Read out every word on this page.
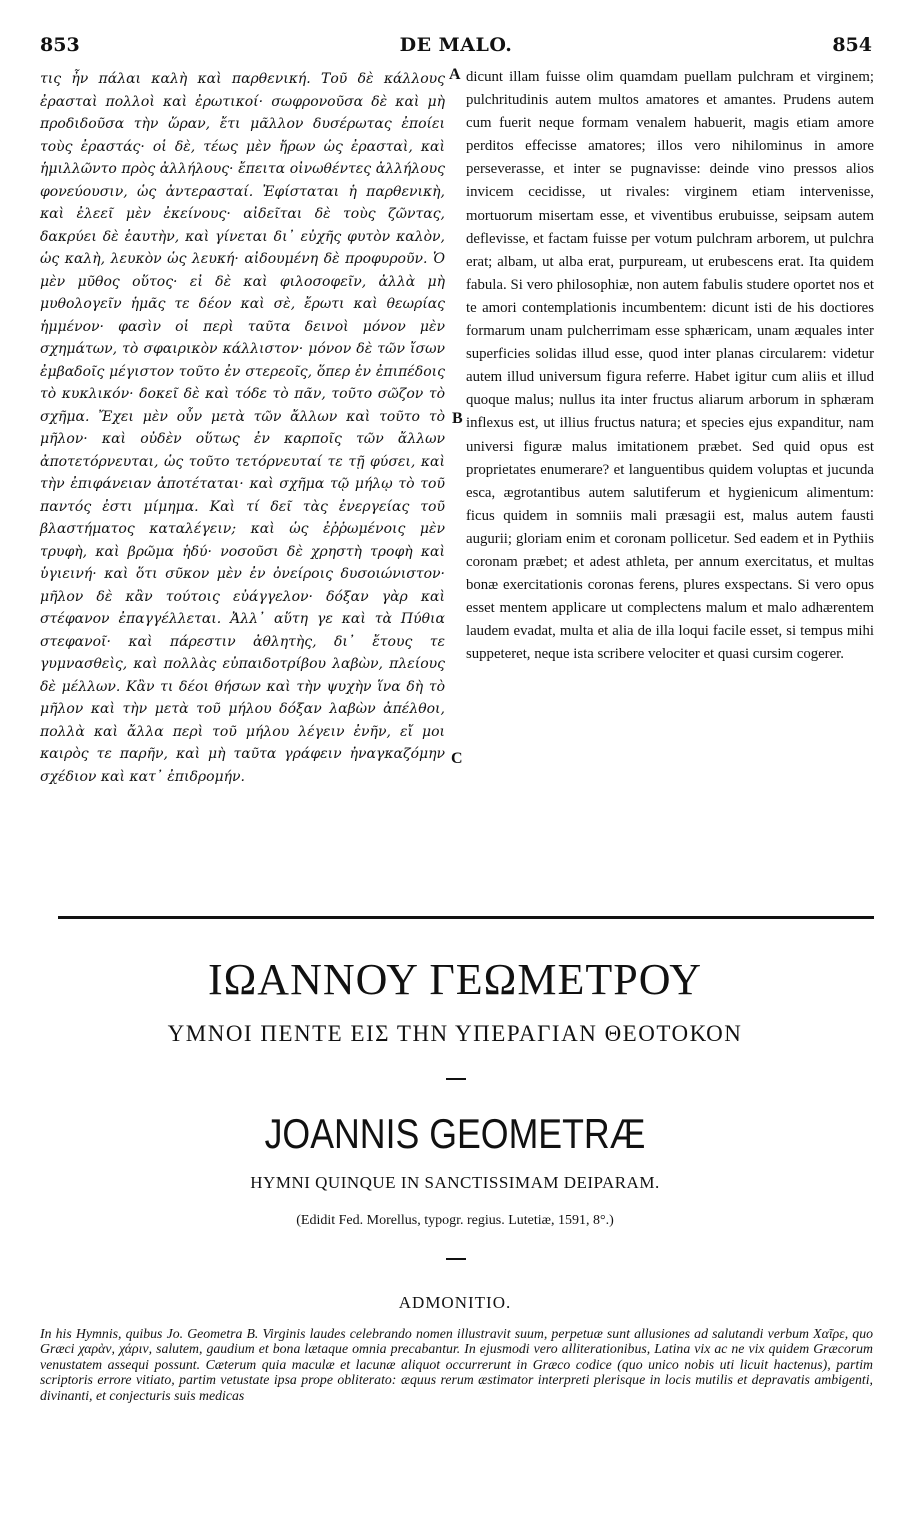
853	DE MALO.	854

τις ἦν πάλαι καλὴ καὶ παρθενική. Τοῦ δὲ κάλλους ἐρασταὶ πολλοὶ καὶ ἐρωτικοί· σωφρονοῦσα δὲ καὶ μὴ προδιδοῦσα τὴν ὥραν, ἔτι μᾶλλον δυσέρωτας ἐποίει τοὺς ἐραστάς· οἱ δὲ, τέως μὲν ἤρων ὡς ἐρασταὶ, καὶ ἡμιλλῶντο πρὸς ἀλλήλους· ἔπειτα οἰνωθέντες ἀλλήλους φονεύουσιν, ὡς ἀντερασταί. Ἐφίσταται ἡ παρθενικὴ, καὶ ἐλεεῖ μὲν ἐκείνους· αἰδεῖται δὲ τοὺς ζῶντας, δακρύει δὲ ἑαυτὴν, καὶ γίνεται δι᾽ εὐχῆς φυτὸν καλὸν, ὡς καλὴ, λευκὸν ὡς λευκή· αἰδουμένη δὲ προφυροῦν. Ὁ μὲν μῦθος οὕτος· εἰ δὲ καὶ φιλοσοφεῖν, ἀλλὰ μὴ μυθολογεῖν ἡμᾶς τε δέον καὶ σὲ, ἔρωτι καὶ θεωρίας ἡμμένον· φασὶν οἱ περὶ ταῦτα δεινοὶ μόνον μὲν σχημάτων, τὸ σφαιρικὸν κάλλιστον· μόνον δὲ τῶν ἴσων ἐμβαδοῖς μέγιστον τοῦτο ἐν στερεοῖς, ὅπερ ἐν ἐπιπέδοις τὸ κυκλικόν· δοκεῖ δὲ καὶ τόδε τὸ πᾶν, τοῦτο σῶζον τὸ σχῆμα. Ἔχει μὲν οὖν μετὰ τῶν ἄλλων καὶ τοῦτο τὸ μῆλον· καὶ οὐδὲν οὕτως ἐν καρποῖς τῶν ἄλλων ἀποτετόρνευται, ὡς τοῦτο τετόρνευταί τε τῇ φύσει, καὶ τὴν ἐπιφάνειαν ἀποτέταται· καὶ σχῆμα τῷ μήλῳ τὸ τοῦ παντός ἐστι μίμημα. Καὶ τί δεῖ τὰς ἐνεργείας τοῦ βλαστήματος καταλέγειν; καὶ ὡς ἐῤῥωμένοις μὲν τρυφὴ, καὶ βρῶμα ἡδύ· νοσοῦσι δὲ χρηστὴ τροφὴ καὶ ὑγιεινή· καὶ ὅτι σῦκον μὲν ἐν ὀνείροις δυσοιώνιστον· μῆλον δὲ κἂν τούτοις εὐάγγελον· δόξαν γὰρ καὶ στέφανον ἐπαγγέλλεται. Ἀλλ᾽ αὕτη γε καὶ τὰ Πύθια στεφανοῖ· καὶ πάρεστιν ἀθλητὴς, δι᾽ ἔτους τε γυμνασθεὶς, καὶ πολλὰς εὐπαιδοτρίβου λαβὼν, πλείους δὲ μέλλων. Κἂν τι δέοι θήσων καὶ τὴν ψυχὴν ἵνα δὴ τὸ μῆλον καὶ τὴν μετὰ τοῦ μήλου δόξαν λαβὼν ἀπέλθοι, πολλὰ καὶ ἄλλα περὶ τοῦ μήλου λέγειν ἐνῆν, εἴ μοι καιρὸς τε παρῆν, καὶ μὴ ταῦτα γράφειν ἠναγκαζόμην σχέδιον καὶ κατ᾽ ἐπιδρομήν.

A
B
C

dicunt illam fuisse olim quamdam puellam pulchram et virginem; pulchritudinis autem multos amatores et amantes. Prudens autem cum fuerit neque formam venalem habuerit, magis etiam amore perditos effecisse amatores; illos vero nihilominus in amore perseverasse, et inter se pugnavisse: deinde vino pressos alios invicem cecidisse, ut rivales: virginem etiam intervenisse, mortuorum misertam esse, et viventibus erubuisse, seipsam autem deflevisse, et factam fuisse per votum pulchram arborem, ut pulchra erat; albam, ut alba erat, purpuream, ut erubescens erat. Ita quidem fabula. Si vero philosophiæ, non autem fabulis studere oportet nos et te amori contemplationis incumbentem: dicunt isti de his doctiores formarum unam pulcherrimam esse sphæricam, unam æquales inter superficies solidas illud esse, quod inter planas circularem: videtur autem illud universum figura referre. Habet igitur cum aliis et illud quoque malus; nullus ita inter fructus aliarum arborum in sphæram inflexus est, ut illius fructus natura; et species ejus expanditur, nam universi figuræ malus imitationem præbet. Sed quid opus est proprietates enumerare? et languentibus quidem voluptas et jucunda esca, ægrotantibus autem salutiferum et hygienicum alimentum: ficus quidem in somniis mali præsagii est, malus autem fausti augurii; gloriam enim et coronam pollicetur. Sed eadem et in Pythiis coronam præbet; et adest athleta, per annum exercitatus, et multas bonæ exercitationis coronas ferens, plures exspectans. Si vero opus esset mentem applicare ut complectens malum et malo adhærentem laudem evadat, multa et alia de illa loqui facile esset, si tempus mihi suppeteret, neque ista scribere velociter et quasi cursim cogerer.

ΙΩΑΝΝΟΥ ΓΕΩΜΕΤΡΟΥ
ΥΜΝΟΙ ΠΕΝΤΕ ΕΙΣ ΤΗΝ ΥΠΕΡΑΓΙΑΝ ΘΕΟΤΟΚΟΝ
JOANNIS GEOMETRÆ
HYMNI QUINQUE IN SANCTISSIMAM DEIPARAM.
(Edidit Fed. Morellus, typogr. regius. Lutetiæ, 1591, 8°.)
ADMONITIO.

In his Hymnis, quibus Jo. Geometra B. Virginis laudes celebrando nomen illustravit suum, perpetuæ sunt allusiones ad salutandi verbum Χαῖρε, quo Græci χαρὰν, χάριν, salutem, gaudium et bona lætaque omnia precabantur. In ejusmodi vero alliterationibus, Latina vix ac ne vix quidem Græcorum venustatem assequi possunt. Cæterum quia maculæ et lacunæ aliquot occurrerunt in Græco codice (quo unico nobis uti licuit hactenus), partim scriptoris errore vitiato, partim vetustate ipsa prope obliterato: æquus rerum æstimator interpreti plerisque in locis mutilis et depravatis ambigenti, divinanti, et conjecturis suis medicas
